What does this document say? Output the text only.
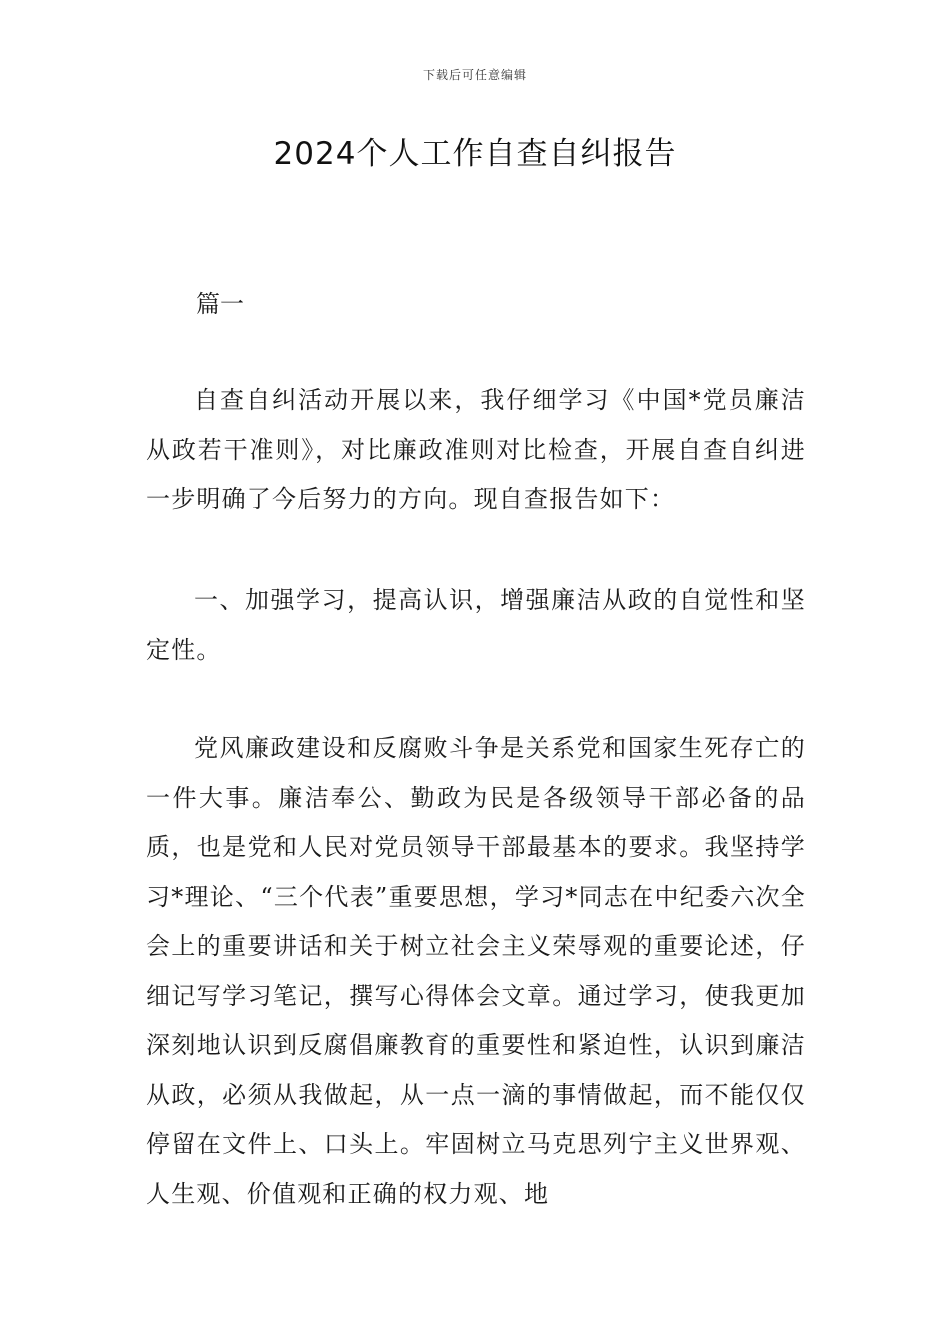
下载后可任意编辑
2024个人工作自查自纠报告
篇一

自查自纠活动开展以来，我仔细学习《中国*党员廉洁从政若干准则》，对比廉政准则对比检查，开展自查自纠进一步明确了今后努力的方向。现自查报告如下：

一、加强学习，提高认识，增强廉洁从政的自觉性和坚定性。

党风廉政建设和反腐败斗争是关系党和国家生死存亡的一件大事。廉洁奉公、勤政为民是各级领导干部必备的品质，也是党和人民对党员领导干部最基本的要求。我坚持学习*理论、“三个代表”重要思想，学习*同志在中纪委六次全会上的重要讲话和关于树立社会主义荣辱观的重要论述，仔细记写学习笔记，撰写心得体会文章。通过学习，使我更加深刻地认识到反腐倡廉教育的重要性和紧迫性，认识到廉洁从政，必须从我做起，从一点一滴的事情做起，而不能仅仅停留在文件上、口头上。牢固树立马克思列宁主义世界观、人生观、价值观和正确的权力观、地
